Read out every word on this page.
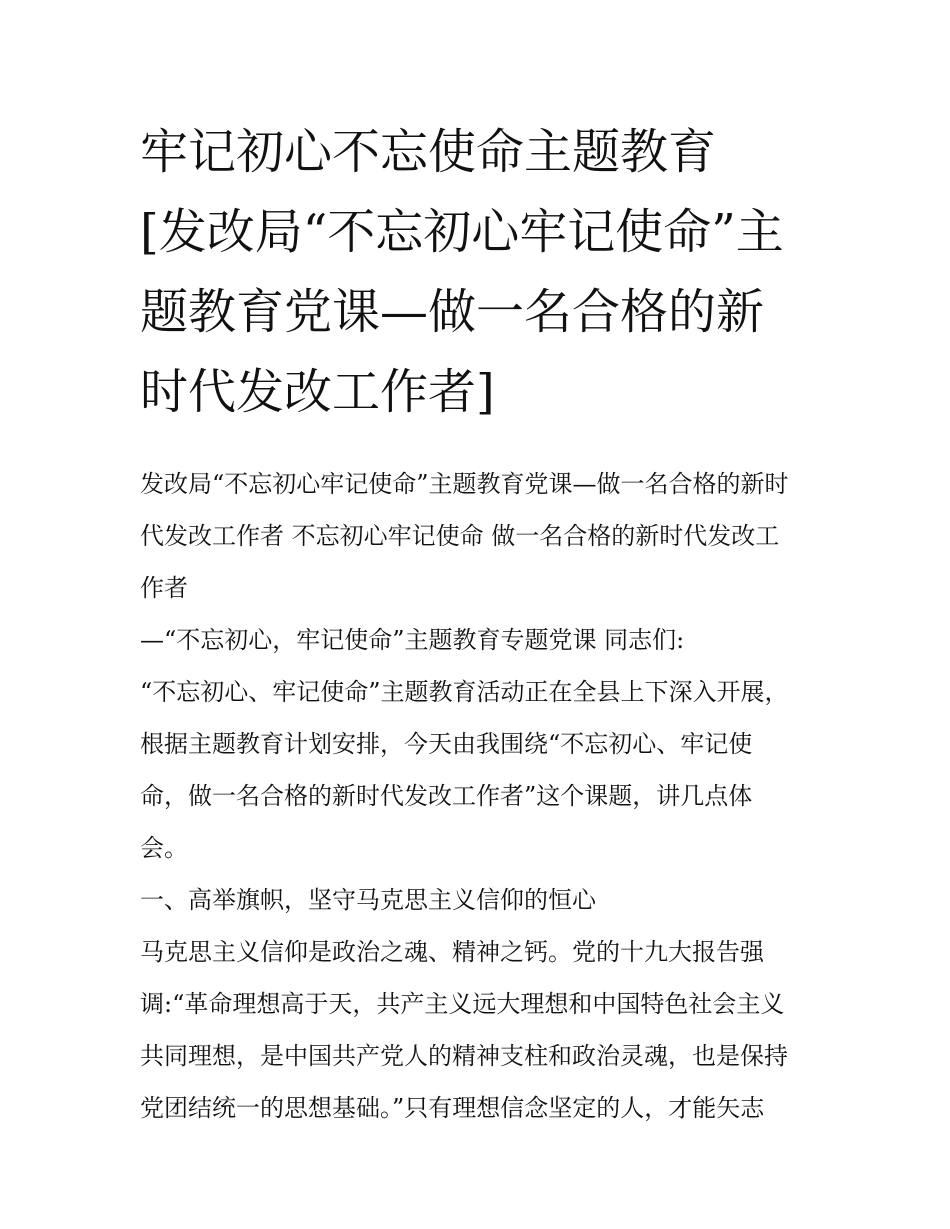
牢记初心不忘使命主题教育
[发改局“不忘初心牢记使命”主
题教育党课—做一名合格的新
时代发改工作者]

发改局“不忘初心牢记使命”主题教育党课—做一名合格的新时
代发改工作者 不忘初心牢记使命 做一名合格的新时代发改工
作者

—“不忘初心，牢记使命”主题教育专题党课 同志们:

“不忘初心、牢记使命”主题教育活动正在全县上下深入开展，
根据主题教育计划安排，今天由我围绕“不忘初心、牢记使
命，做一名合格的新时代发改工作者”这个课题，讲几点体
会。

一、高举旗帜，坚守马克思主义信仰的恒心

马克思主义信仰是政治之魂、精神之钙。党的十九大报告强
调:“革命理想高于天，共产主义远大理想和中国特色社会主义
共同理想，是中国共产党人的精神支柱和政治灵魂，也是保持
党团结统一的思想基础。”只有理想信念坚定的人，才能矢志
